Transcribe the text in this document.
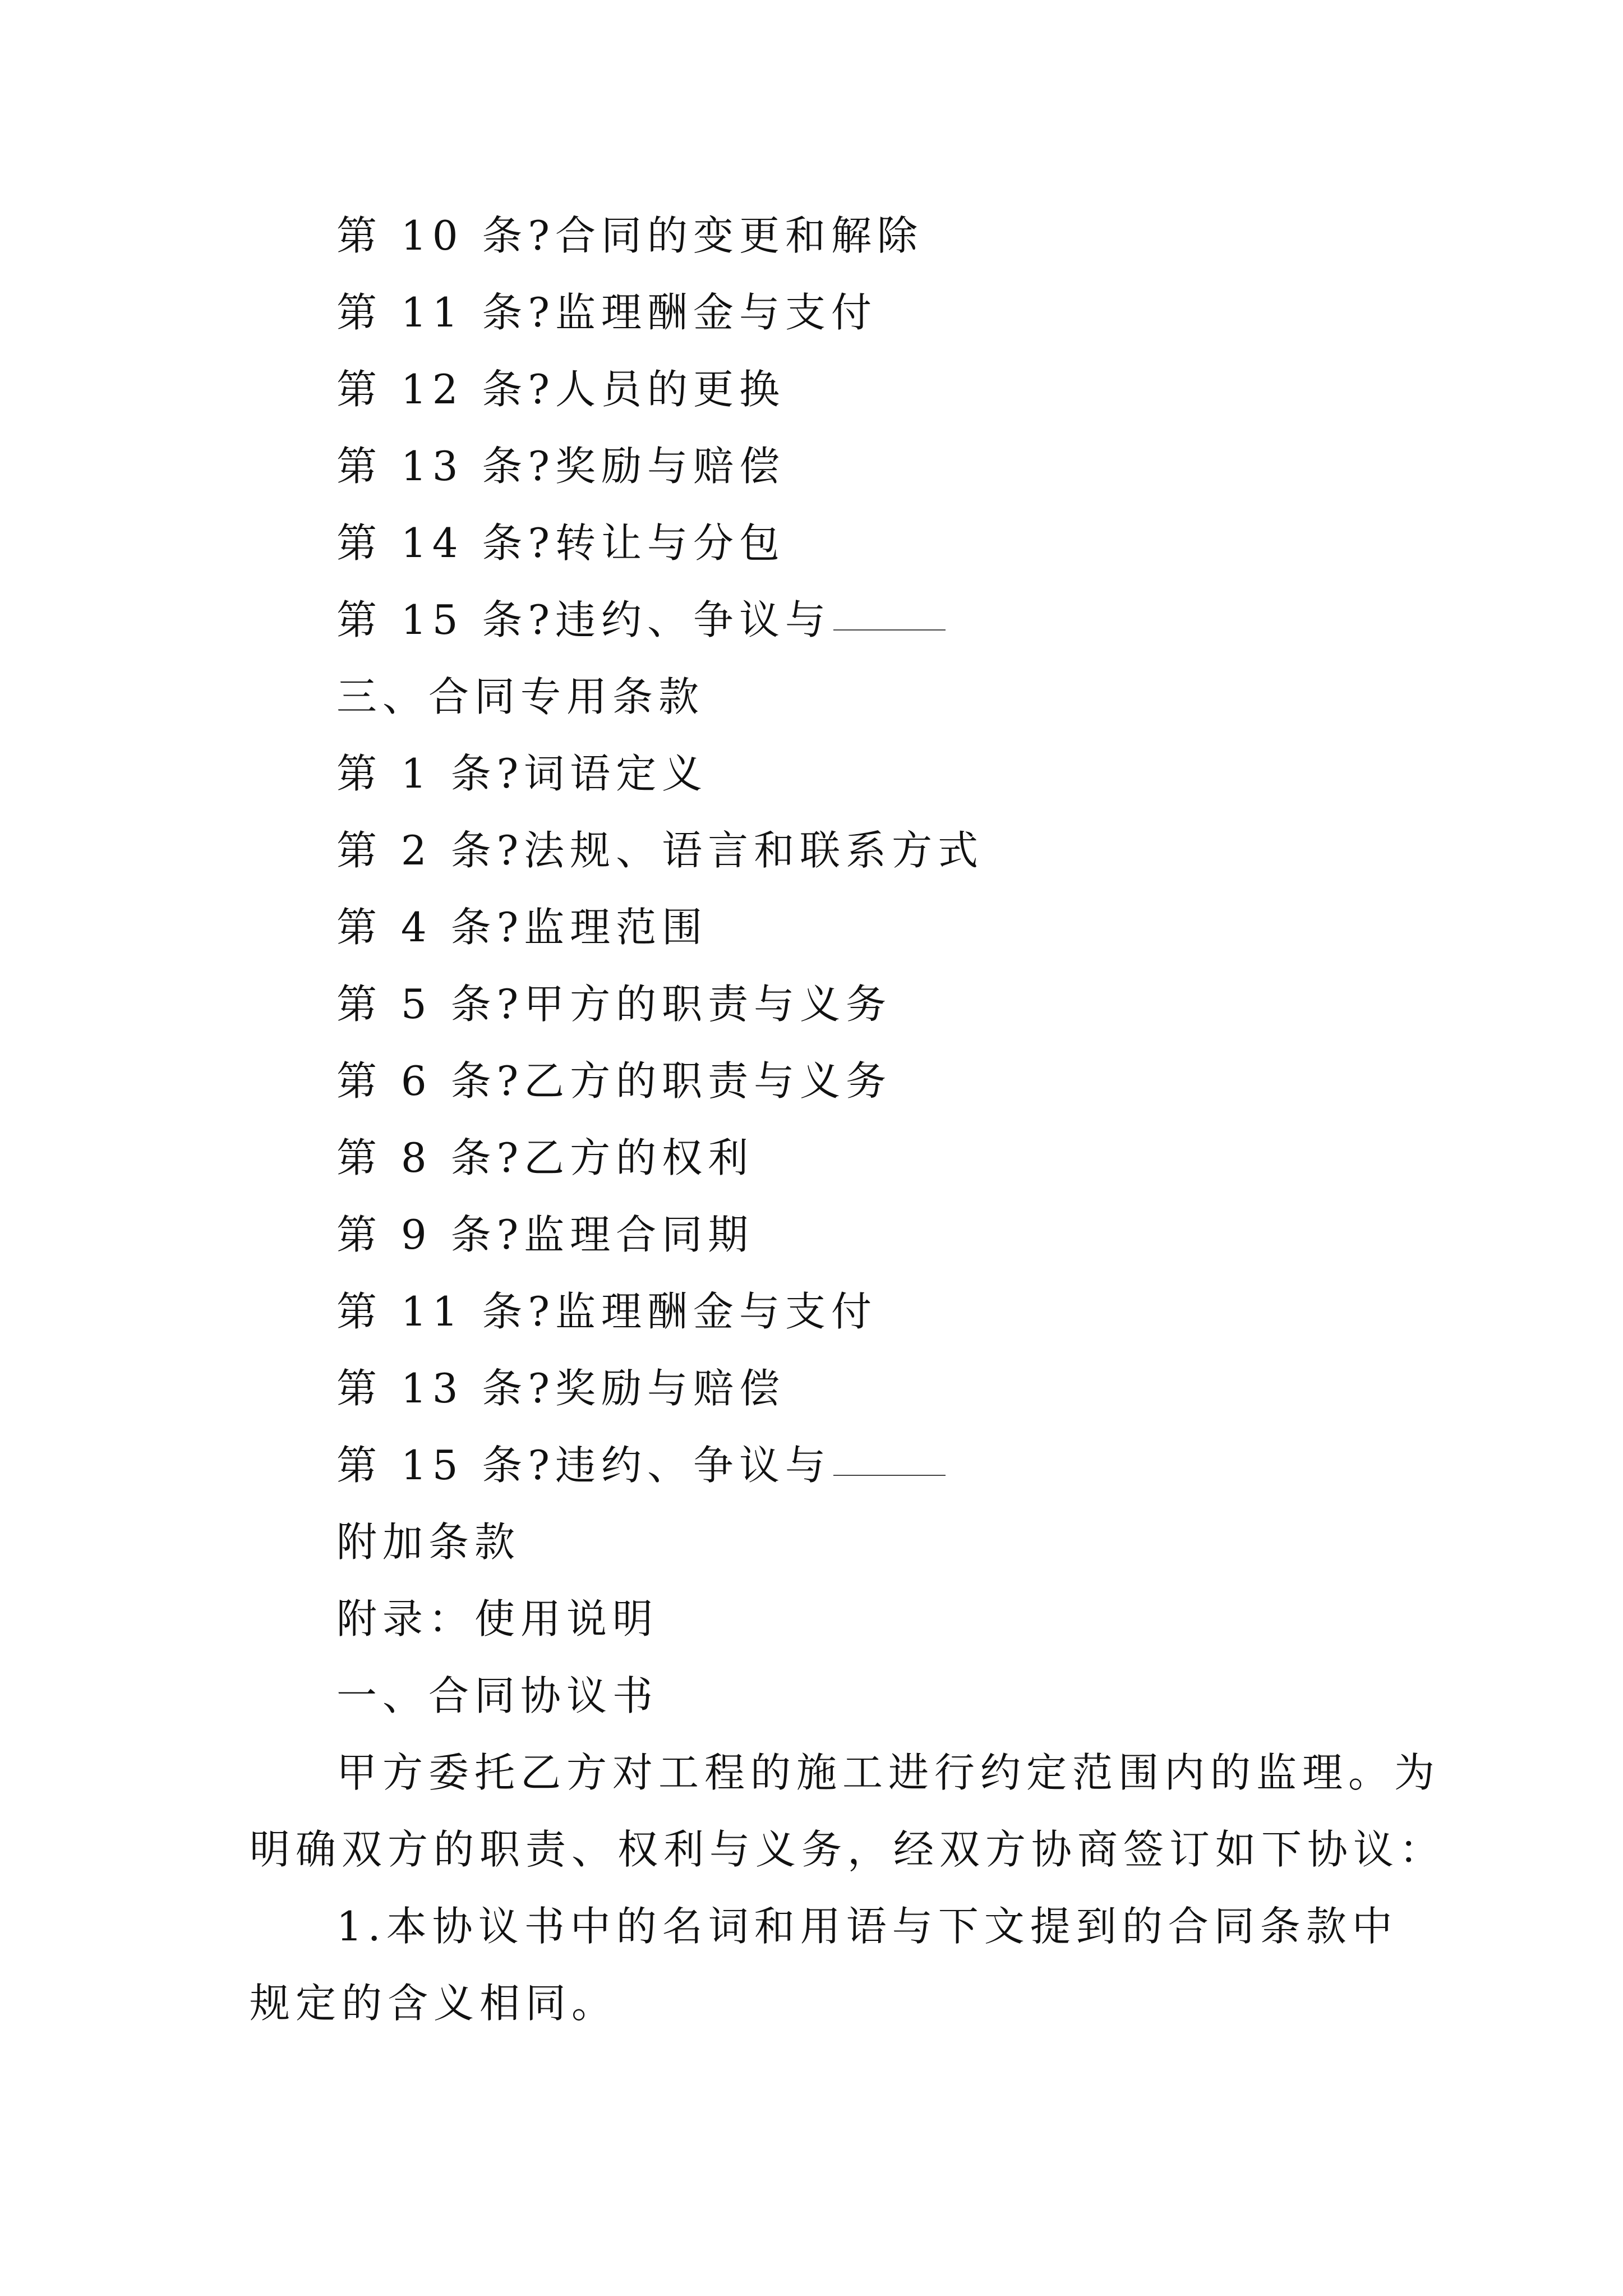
第 10 条?合同的变更和解除
第 11 条?监理酬金与支付
第 12 条?人员的更换
第 13 条?奖励与赔偿
第 14 条?转让与分包
第 15 条?违约、争议与
三、合同专用条款
第 1 条?词语定义
第 2 条?法规、语言和联系方式
第 4 条?监理范围
第 5 条?甲方的职责与义务
第 6 条?乙方的职责与义务
第 8 条?乙方的权利
第 9 条?监理合同期
第 11 条?监理酬金与支付
第 13 条?奖励与赔偿
第 15 条?违约、争议与
附加条款
附录：使用说明
一、合同协议书
甲方委托乙方对工程的施工进行约定范围内的监理。为
明确双方的职责、权利与义务，经双方协商签订如下协议：
1.本协议书中的名词和用语与下文提到的合同条款中
规定的含义相同。
